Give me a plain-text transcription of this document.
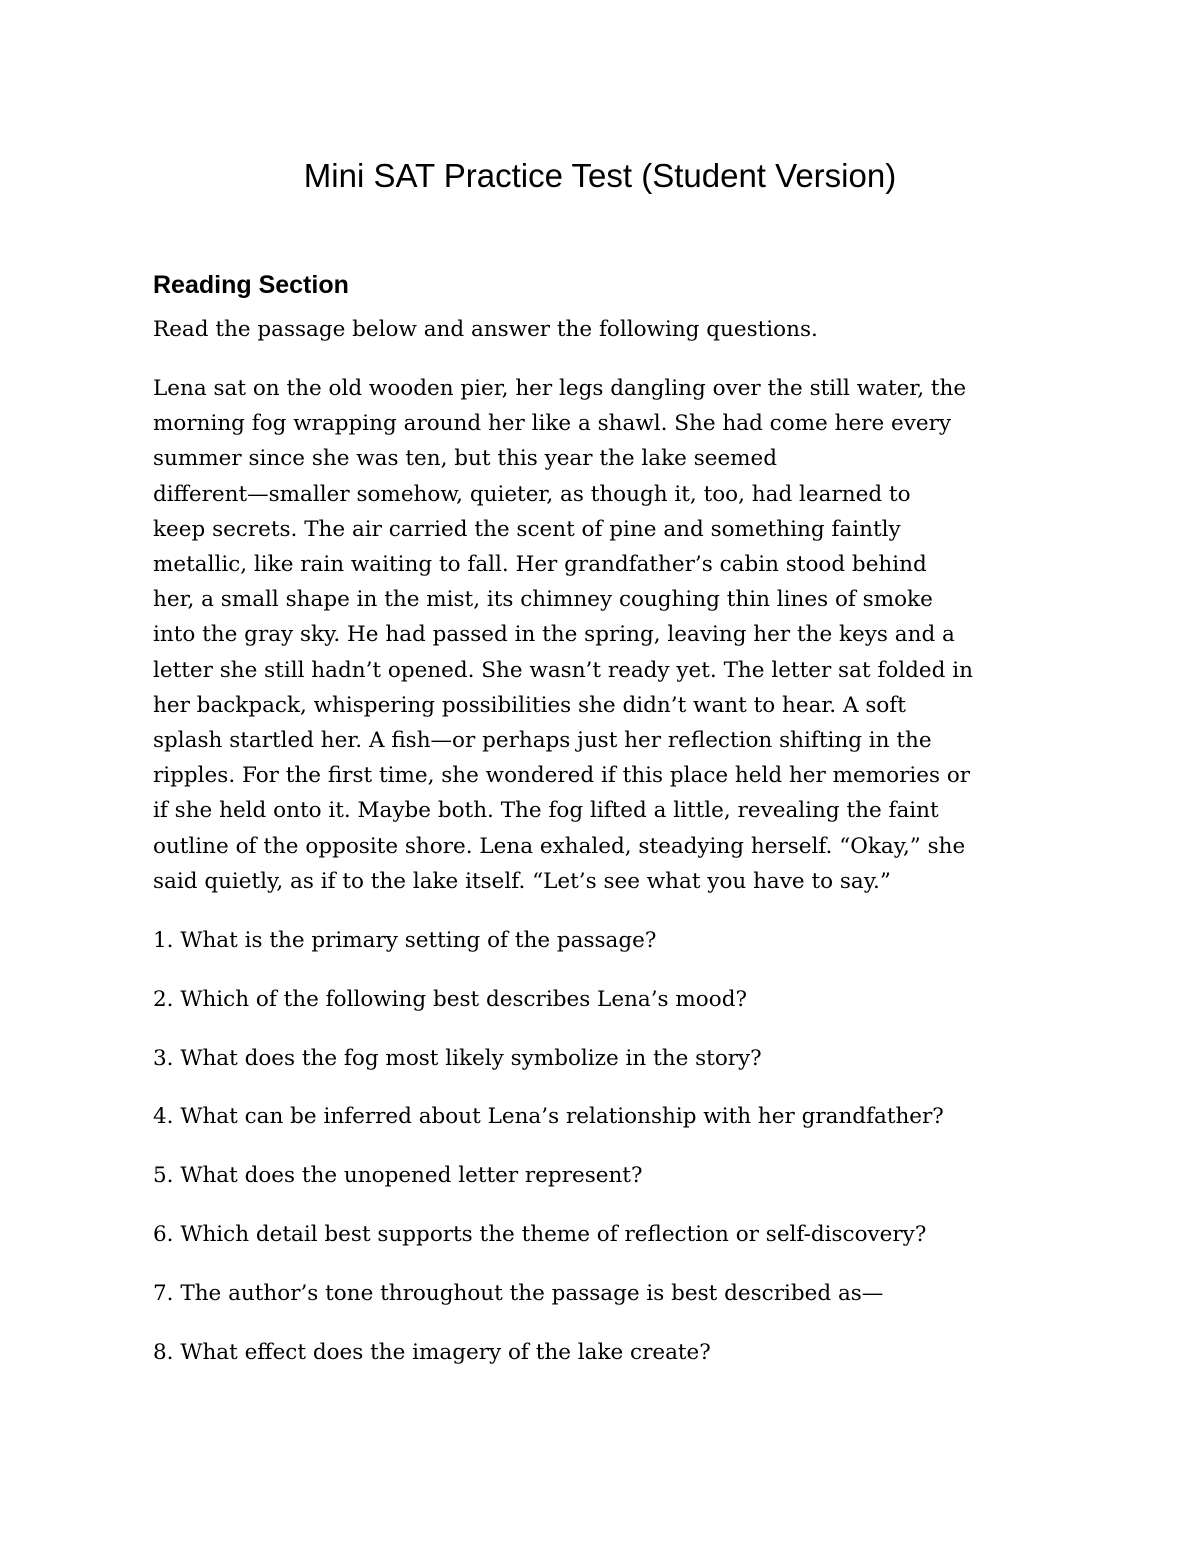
Mini SAT Practice Test (Student Version)
Reading Section

Read the passage below and answer the following questions.

Lena sat on the old wooden pier, her legs dangling over the still water, the
morning fog wrapping around her like a shawl. She had come here every
summer since she was ten, but this year the lake seemed
different—smaller somehow, quieter, as though it, too, had learned to
keep secrets. The air carried the scent of pine and something faintly
metallic, like rain waiting to fall. Her grandfather’s cabin stood behind
her, a small shape in the mist, its chimney coughing thin lines of smoke
into the gray sky. He had passed in the spring, leaving her the keys and a
letter she still hadn’t opened. She wasn’t ready yet. The letter sat folded in
her backpack, whispering possibilities she didn’t want to hear. A soft
splash startled her. A fish—or perhaps just her reflection shifting in the
ripples. For the first time, she wondered if this place held her memories or
if she held onto it. Maybe both. The fog lifted a little, revealing the faint
outline of the opposite shore. Lena exhaled, steadying herself. “Okay,” she
said quietly, as if to the lake itself. “Let’s see what you have to say.”
1. What is the primary setting of the passage?
2. Which of the following best describes Lena’s mood?
3. What does the fog most likely symbolize in the story?
4. What can be inferred about Lena’s relationship with her grandfather?
5. What does the unopened letter represent?
6. Which detail best supports the theme of reflection or self-discovery?
7. The author’s tone throughout the passage is best described as—
8. What effect does the imagery of the lake create?
